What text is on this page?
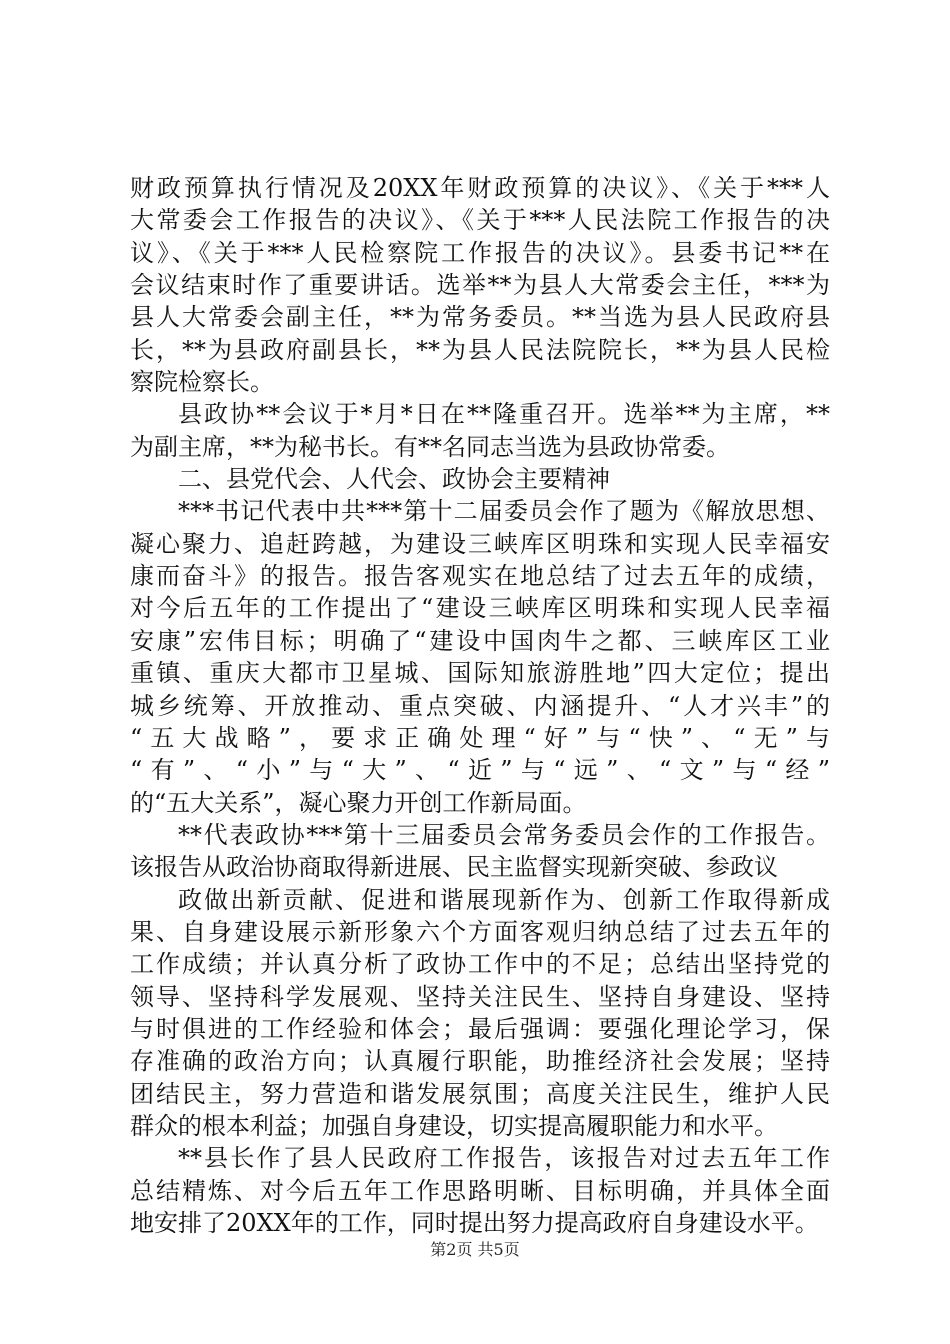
财政预算执行情况及20XX年财政预算的决议》、《关于***人
大常委会工作报告的决议》、《关于***人民法院工作报告的决
议》、《关于***人民检察院工作报告的决议》。县委书记**在
会议结束时作了重要讲话。选举**为县人大常委会主任，***为
县人大常委会副主任，**为常务委员。**当选为县人民政府县
长，**为县政府副县长，**为县人民法院院长，**为县人民检
察院检察长。
县政协**会议于*月*日在**隆重召开。选举**为主席，**
为副主席，**为秘书长。有**名同志当选为县政协常委。
二、县党代会、人代会、政协会主要精神
***书记代表中共***第十二届委员会作了题为《解放思想、
凝心聚力、追赶跨越，为建设三峡库区明珠和实现人民幸福安
康而奋斗》的报告。报告客观实在地总结了过去五年的成绩，
对今后五年的工作提出了“建设三峡库区明珠和实现人民幸福
安康”宏伟目标；明确了“建设中国肉牛之都、三峡库区工业
重镇、重庆大都市卫星城、国际知旅游胜地”四大定位；提出
城乡统筹、开放推动、重点突破、内涵提升、“人才兴丰”的
“五大战略”，要求正确处理“好”与“快”、“无”与
“有”、“小”与“大”、“近”与“远”、“文”与“经”
的“五大关系”，凝心聚力开创工作新局面。
**代表政协***第十三届委员会常务委员会作的工作报告。
该报告从政治协商取得新进展、民主监督实现新突破、参政议
政做出新贡献、促进和谐展现新作为、创新工作取得新成
果、自身建设展示新形象六个方面客观归纳总结了过去五年的
工作成绩；并认真分析了政协工作中的不足；总结出坚持党的
领导、坚持科学发展观、坚持关注民生、坚持自身建设、坚持
与时俱进的工作经验和体会；最后强调：要强化理论学习，保
存准确的政治方向；认真履行职能，助推经济社会发展；坚持
团结民主，努力营造和谐发展氛围；高度关注民生，维护人民
群众的根本利益；加强自身建设，切实提高履职能力和水平。
**县长作了县人民政府工作报告，该报告对过去五年工作
总结精炼、对今后五年工作思路明晰、目标明确，并具体全面
地安排了20XX年的工作，同时提出努力提高政府自身建设水平。
第2页 共5页
